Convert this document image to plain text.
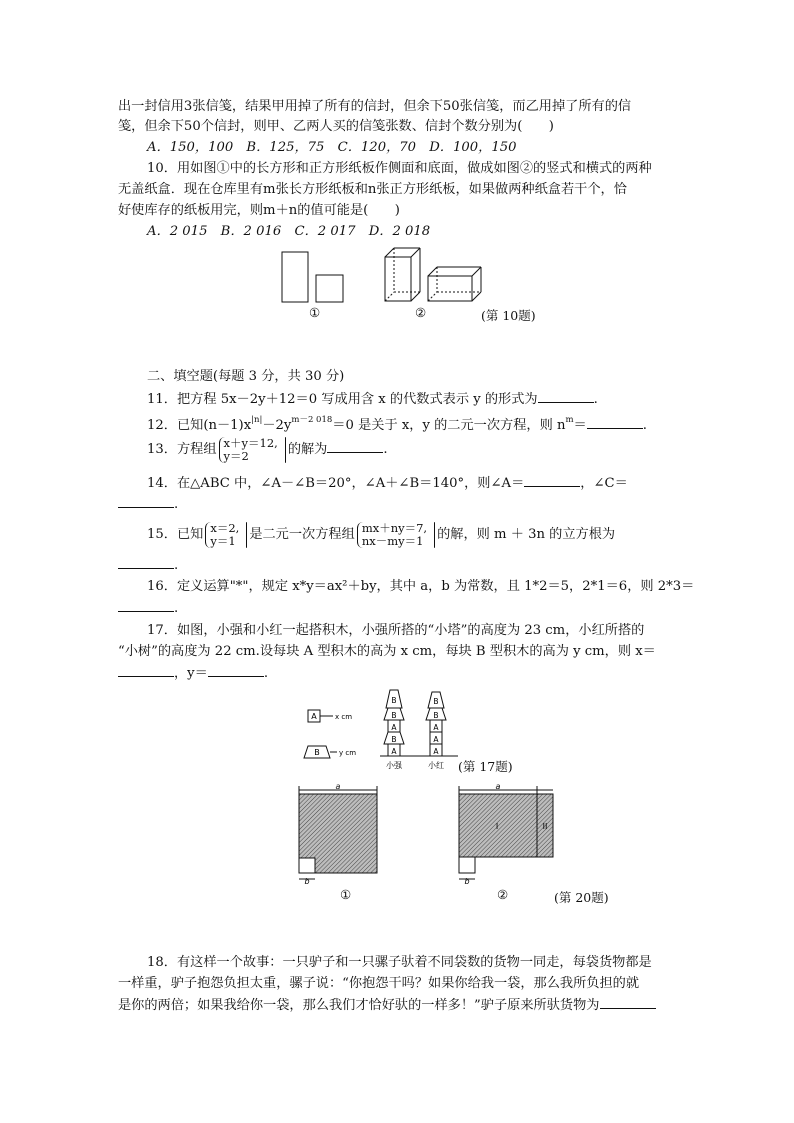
出一封信用3张信笺，结果甲用掉了所有的信封，但余下50张信笺，而乙用掉了所有的信
笺，但余下50个信封，则甲、乙两人买的信笺张数、信封个数分别为(　　)
A．150，100　B．125，75　C．120，70　D．100，150
10．用如图①中的长方形和正方形纸板作侧面和底面，做成如图②的竖式和横式的两种
无盖纸盒．现在仓库里有m张长方形纸板和n张正方形纸板，如果做两种纸盒若干个，恰
好使库存的纸板用完，则m＋n的值可能是(　　)
A．2 015　B．2 016　C．2 017　D．2 018
①	②	(第 10题)
二、填空题(每题 3 分，共 30 分)
11．把方程 5x－2y＋12＝0 写成用含 x 的代数式表示 y 的形式为	.
12．已知$(n-1)x^{|n|}-2y^{m-2 018}=0$ 是关于 x，y 的二元一次方程，则 $n^m=$	.
13．方程组 x＋y＝12,
y＝2	的解为	.
14．在△ABC 中，∠A－∠B＝20°，∠A＋∠B＝140°，则∠A＝	，∠C＝
.
15．已知 x＝2,
y＝1 是二元一次方程组 mx＋ny＝7,
nx－my＝1 的解，则 m ＋ 3n 的立方根为
.
16．定义运算"*"，规定 x*y＝ax²＋by，其中 a，b 为常数，且 1*2＝5，2*1＝6，则 2*3＝
.
17．如图，小强和小红一起搭积木，小强所搭的“小塔”的高度为 23 cm，小红所搭的
“小树”的高度为 22 cm.设每块 A 型积木的高为 x cm，每块 B 型积木的高为 y cm，则 x＝
，y＝	.
A	x cm
B	y cm	A
B
A
B
B
A
A
A
B
B
小强	小红 (第 17题)
a
b
a
I	II
b
①	②	(第 20题)
18．有这样一个故事：一只驴子和一只骡子驮着不同袋数的货物一同走，每袋货物都是
一样重，驴子抱怨负担太重，骡子说：“你抱怨干吗？如果你给我一袋，那么我所负担的就
是你的两倍；如果我给你一袋，那么我们才恰好驮的一样多！”驴子原来所驮货物为
